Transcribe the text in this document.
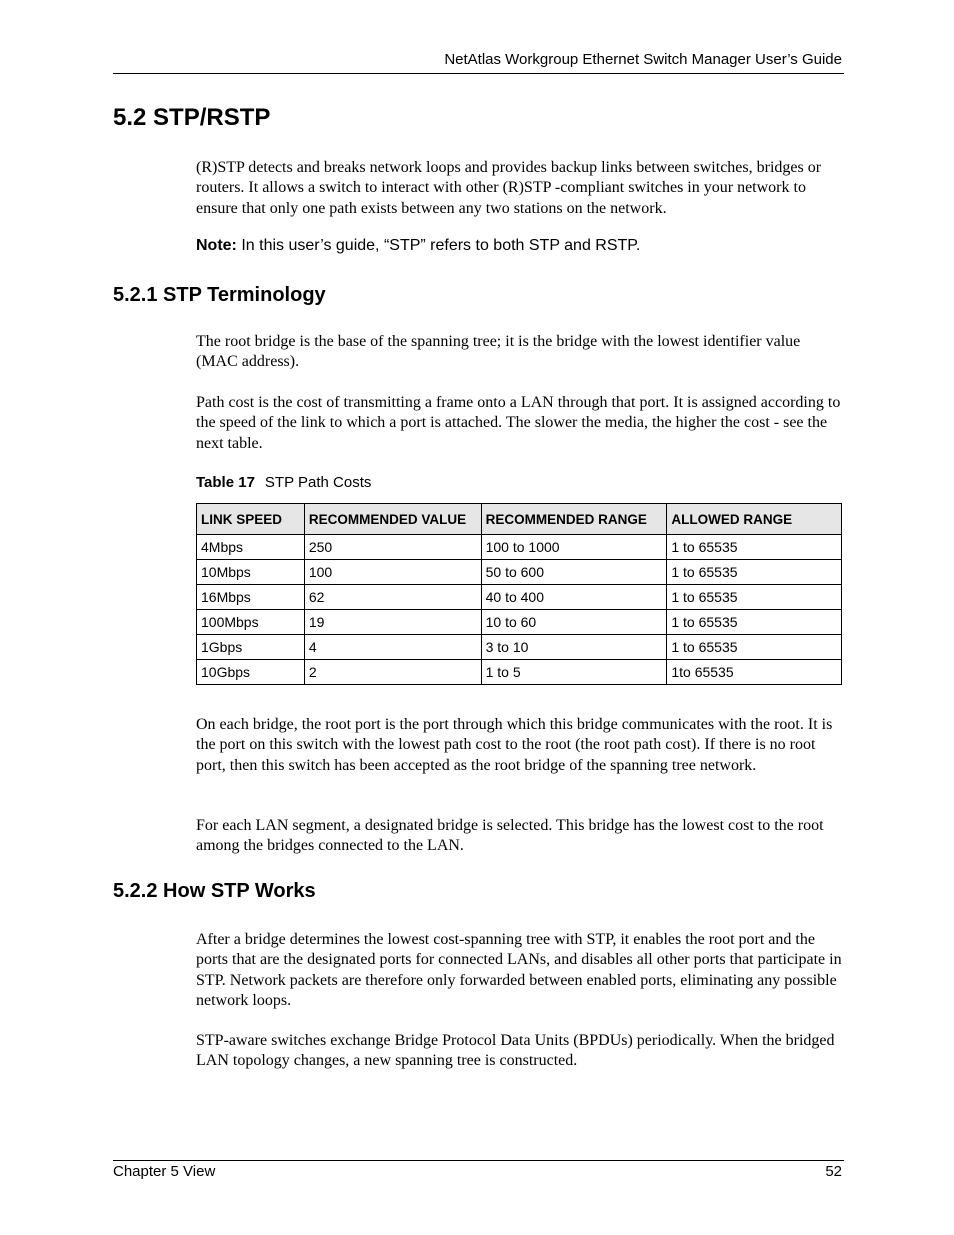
NetAtlas Workgroup Ethernet Switch Manager User’s Guide
5.2 STP/RSTP

(R)STP detects and breaks network loops and provides backup links between switches, bridges or routers. It allows a switch to interact with other (R)STP -compliant switches in your network to ensure that only one path exists between any two stations on the network.

Note: In this user’s guide, “STP” refers to both STP and RSTP.
5.2.1 STP Terminology

The root bridge is the base of the spanning tree; it is the bridge with the lowest identifier value (MAC address).

Path cost is the cost of transmitting a frame onto a LAN through that port. It is assigned according to the speed of the link to which a port is attached. The slower the media, the higher the cost - see the next table.

Table 17 STP Path Costs
LINK SPEED	RECOMMENDED VALUE	RECOMMENDED RANGE	ALLOWED RANGE
4Mbps	250	100 to 1000	1 to 65535
10Mbps	100	50 to 600	1 to 65535
16Mbps	62	40 to 400	1 to 65535
100Mbps	19	10 to 60	1 to 65535
1Gbps	4	3 to 10	1 to 65535
10Gbps	2	1 to 5	1to 65535

On each bridge, the root port is the port through which this bridge communicates with the root. It is the port on this switch with the lowest path cost to the root (the root path cost). If there is no root port, then this switch has been accepted as the root bridge of the spanning tree network.

For each LAN segment, a designated bridge is selected. This bridge has the lowest cost to the root among the bridges connected to the LAN.

5.2.2 How STP Works

After a bridge determines the lowest cost-spanning tree with STP, it enables the root port and the ports that are the designated ports for connected LANs, and disables all other ports that participate in STP. Network packets are therefore only forwarded between enabled ports, eliminating any possible network loops.

STP-aware switches exchange Bridge Protocol Data Units (BPDUs) periodically. When the bridged LAN topology changes, a new spanning tree is constructed.

Chapter 5 View	52
